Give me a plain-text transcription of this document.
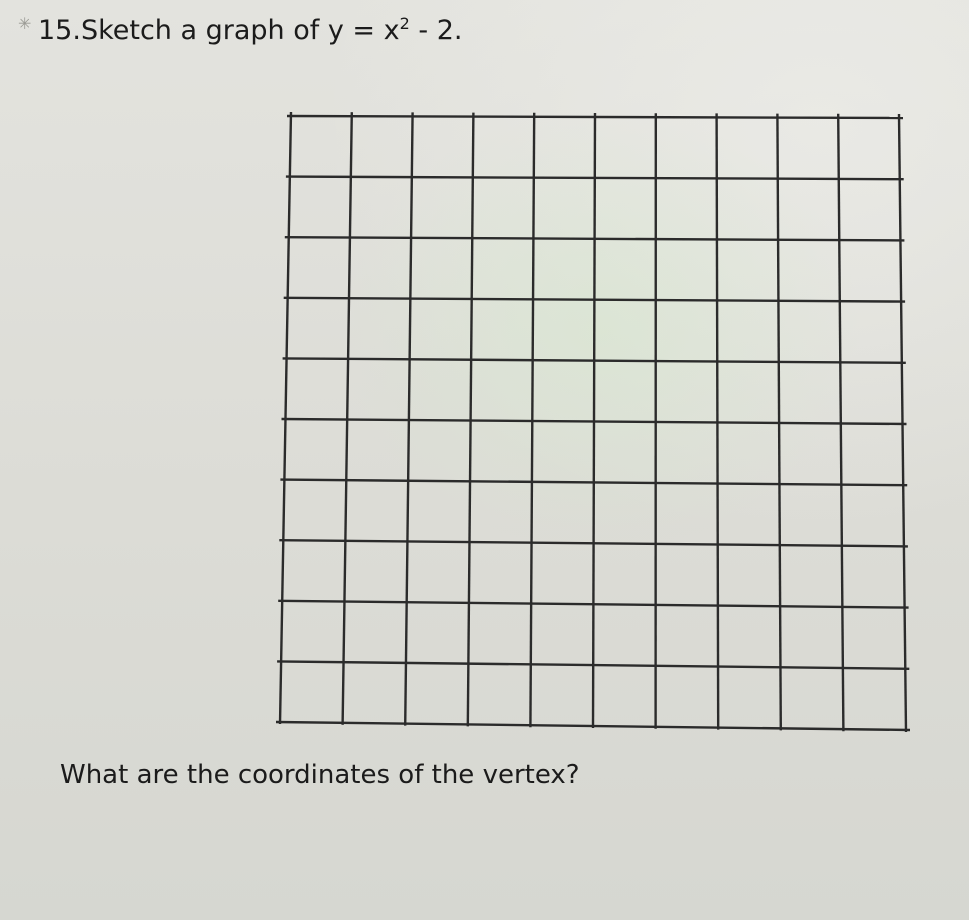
✳ 15.Sketch a graph of $y = x^2 - 2$.
What are the coordinates of the vertex?
